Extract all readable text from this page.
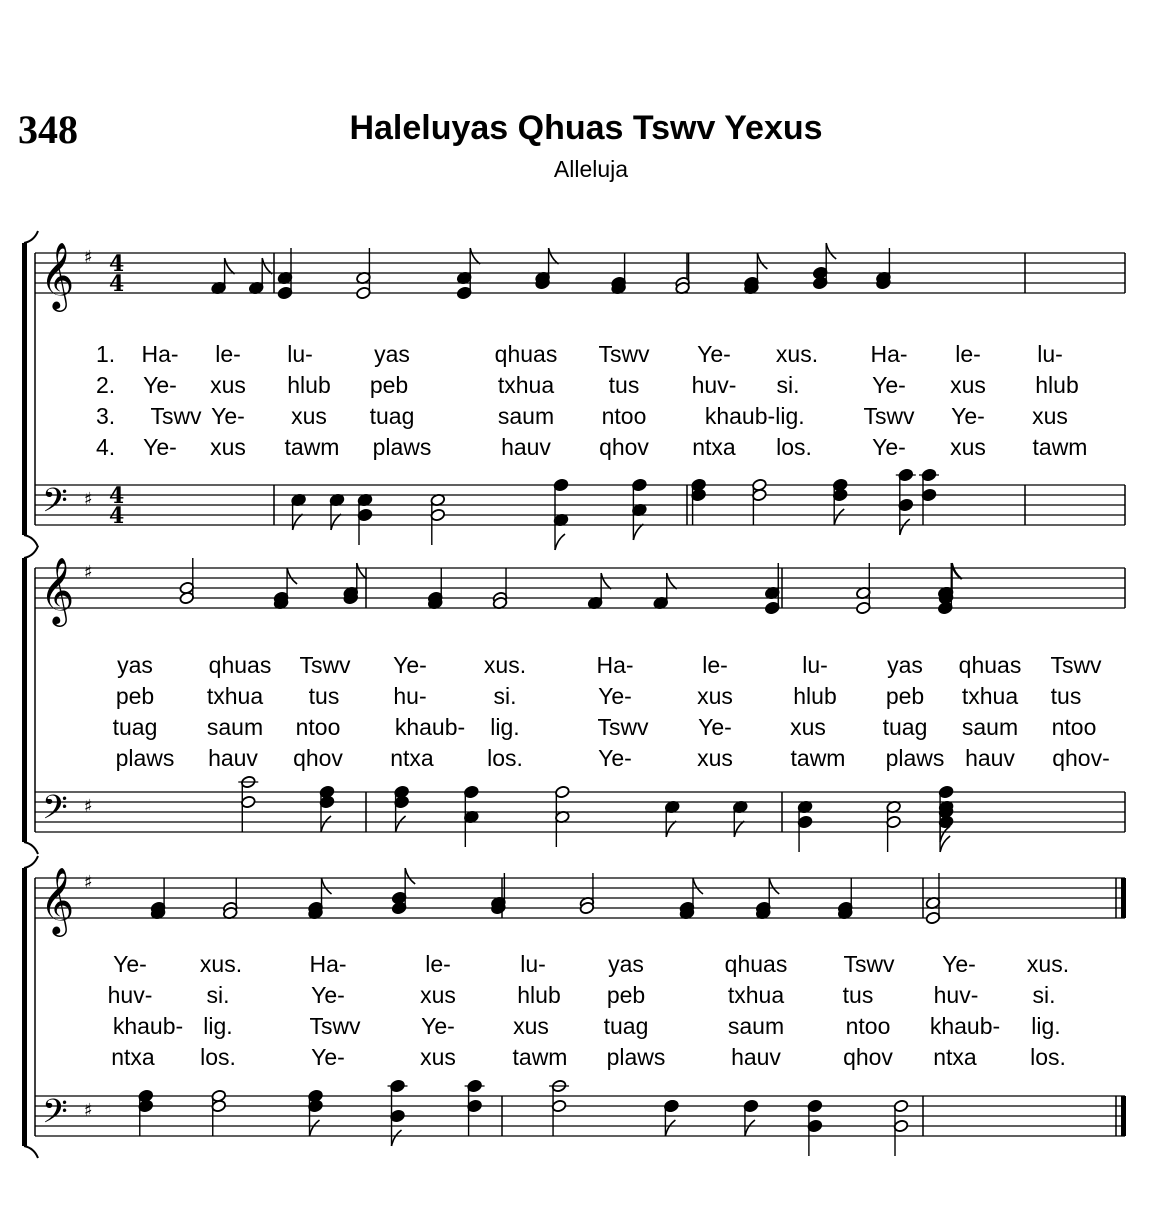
348	Haleluyas Qhuas Tswv Yexus
Alleluja
𝄞
𝄢
♯
♯
4
4
4
4
1. Ha- le- lu-	yas	qhuas Tswv Ye- xus. Ha- le- lu-
2. Ye- xus hlub peb	txhua tus huv- si.	Ye- xus hlub
3. Tswv Ye- xus tuag	saum ntoo	khaub- lig.	Tswv Ye- xus
4. Ye- xus tawm plaws	hauv qhov ntxa los.	Ye- xus tawm
𝄞
𝄢
♯
♯
yas qhuas Tswv Ye- xus.	Ha-	le-	lu-	yas qhuas Tswv
peb txhua tus hu-	si.	Ye-	xus	hlub peb txhua tus
tuag saum ntoo khaub- lig.	Tswv Ye-	xus tuag saum ntoo
plaws hauv qhov ntxa los.	Ye-	xus	tawm plaws hauv qhov-
𝄞
𝄢
♯
♯
Ye- xus.	Ha-	le-	lu-	yas	qhuas Tswv Ye- xus.
huv- si.	Ye-	xus	hlub peb	txhua	tus	huv- si.
khaub- lig.	Tswv	Ye-	xus tuag	saum	ntoo khaub- lig.
ntxa los.	Ye-	xus tawm plaws	hauv	qhov ntxa los.
